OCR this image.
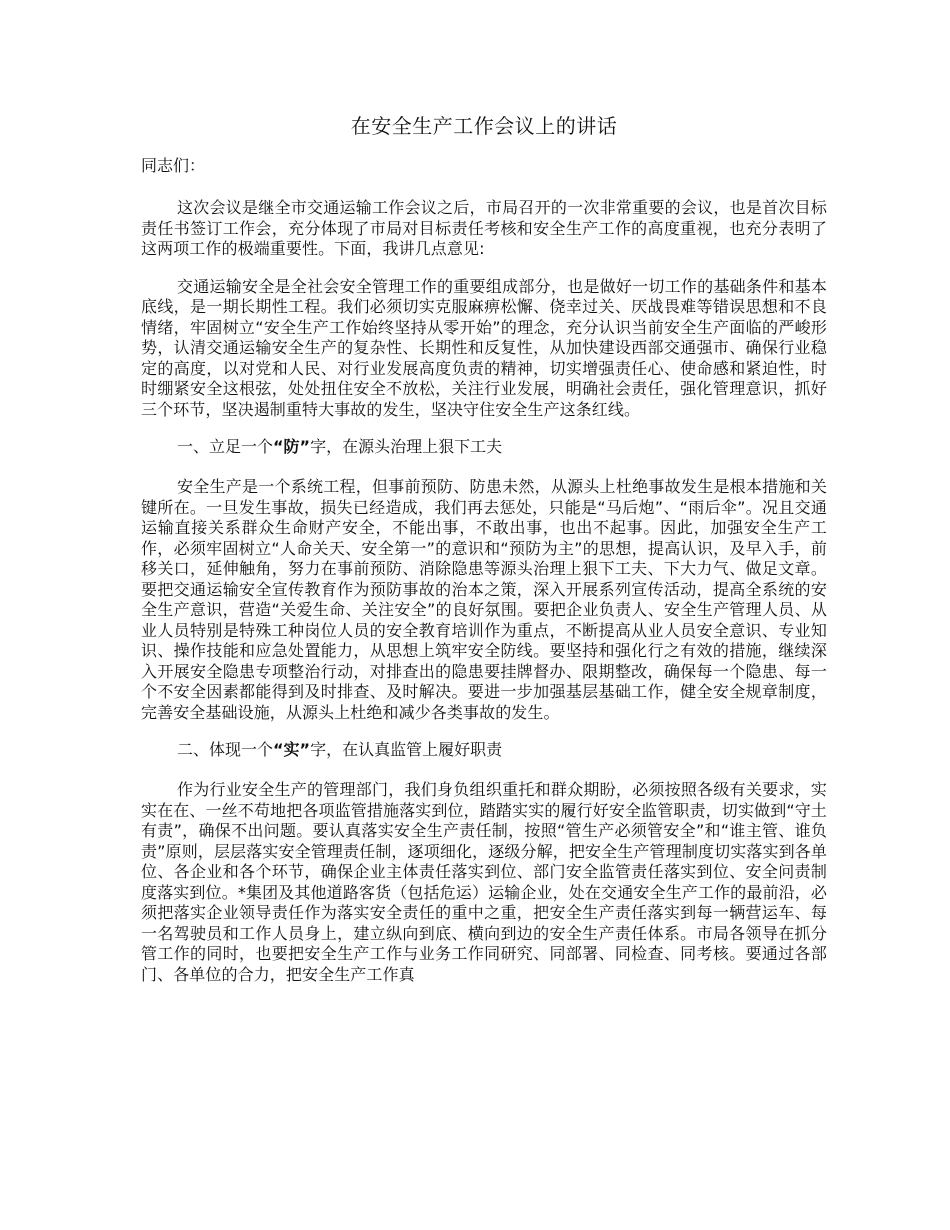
在安全生产工作会议上的讲话

同志们：

这次会议是继全市交通运输工作会议之后，市局召开的一次非常重要的会议，也是首次目标责任书签订工作会，充分体现了市局对目标责任考核和安全生产工作的高度重视，也充分表明了这两项工作的极端重要性。下面，我讲几点意见:

交通运输安全是全社会安全管理工作的重要组成部分，也是做好一切工作的基础条件和基本底线，是一期长期性工程。我们必须切实克服麻痹松懈、侥幸过关、厌战畏难等错误思想和不良情绪，牢固树立“安全生产工作始终坚持从零开始”的理念，充分认识当前安全生产面临的严峻形势，认清交通运输安全生产的复杂性、长期性和反复性，从加快建设西部交通强市、确保行业稳定的高度，以对党和人民、对行业发展高度负责的精神，切实增强责任心、使命感和紧迫性，时时绷紧安全这根弦，处处扭住安全不放松，关注行业发展，明确社会责任，强化管理意识，抓好三个环节，坚决遏制重特大事故的发生，坚决守住安全生产这条红线。

一、立足一个“防”字，在源头治理上狠下工夫

安全生产是一个系统工程，但事前预防、防患未然，从源头上杜绝事故发生是根本措施和关键所在。一旦发生事故，损失已经造成，我们再去惩处，只能是“马后炮”、“雨后伞”。况且交通运输直接关系群众生命财产安全，不能出事，不敢出事，也出不起事。因此，加强安全生产工作，必须牢固树立“人命关天、安全第一”的意识和“预防为主”的思想，提高认识，及早入手，前移关口，延伸触角，努力在事前预防、消除隐患等源头治理上狠下工夫、下大力气、做足文章。要把交通运输安全宣传教育作为预防事故的治本之策，深入开展系列宣传活动，提高全系统的安全生产意识，营造“关爱生命、关注安全”的良好氛围。要把企业负责人、安全生产管理人员、从业人员特别是特殊工种岗位人员的安全教育培训作为重点，不断提高从业人员安全意识、专业知识、操作技能和应急处置能力，从思想上筑牢安全防线。要坚持和强化行之有效的措施，继续深入开展安全隐患专项整治行动，对排查出的隐患要挂牌督办、限期整改，确保每一个隐患、每一个不安全因素都能得到及时排查、及时解决。要进一步加强基层基础工作，健全安全规章制度，完善安全基础设施，从源头上杜绝和减少各类事故的发生。

二、体现一个“实”字，在认真监管上履好职责

作为行业安全生产的管理部门，我们身负组织重托和群众期盼，必须按照各级有关要求，实实在在、一丝不苟地把各项监管措施落实到位，踏踏实实的履行好安全监管职责，切实做到“守土有责”，确保不出问题。要认真落实安全生产责任制，按照“管生产必须管安全”和“谁主管、谁负责”原则，层层落实安全管理责任制，逐项细化，逐级分解，把安全生产管理制度切实落实到各单位、各企业和各个环节，确保企业主体责任落实到位、部门安全监管责任落实到位、安全问责制度落实到位。*集团及其他道路客货（包括危运）运输企业，处在交通安全生产工作的最前沿，必须把落实企业领导责任作为落实安全责任的重中之重，把安全生产责任落实到每一辆营运车、每一名驾驶员和工作人员身上，建立纵向到底、横向到边的安全生产责任体系。市局各领导在抓分管工作的同时，也要把安全生产工作与业务工作同研究、同部署、同检查、同考核。要通过各部门、各单位的合力，把安全生产工作真
